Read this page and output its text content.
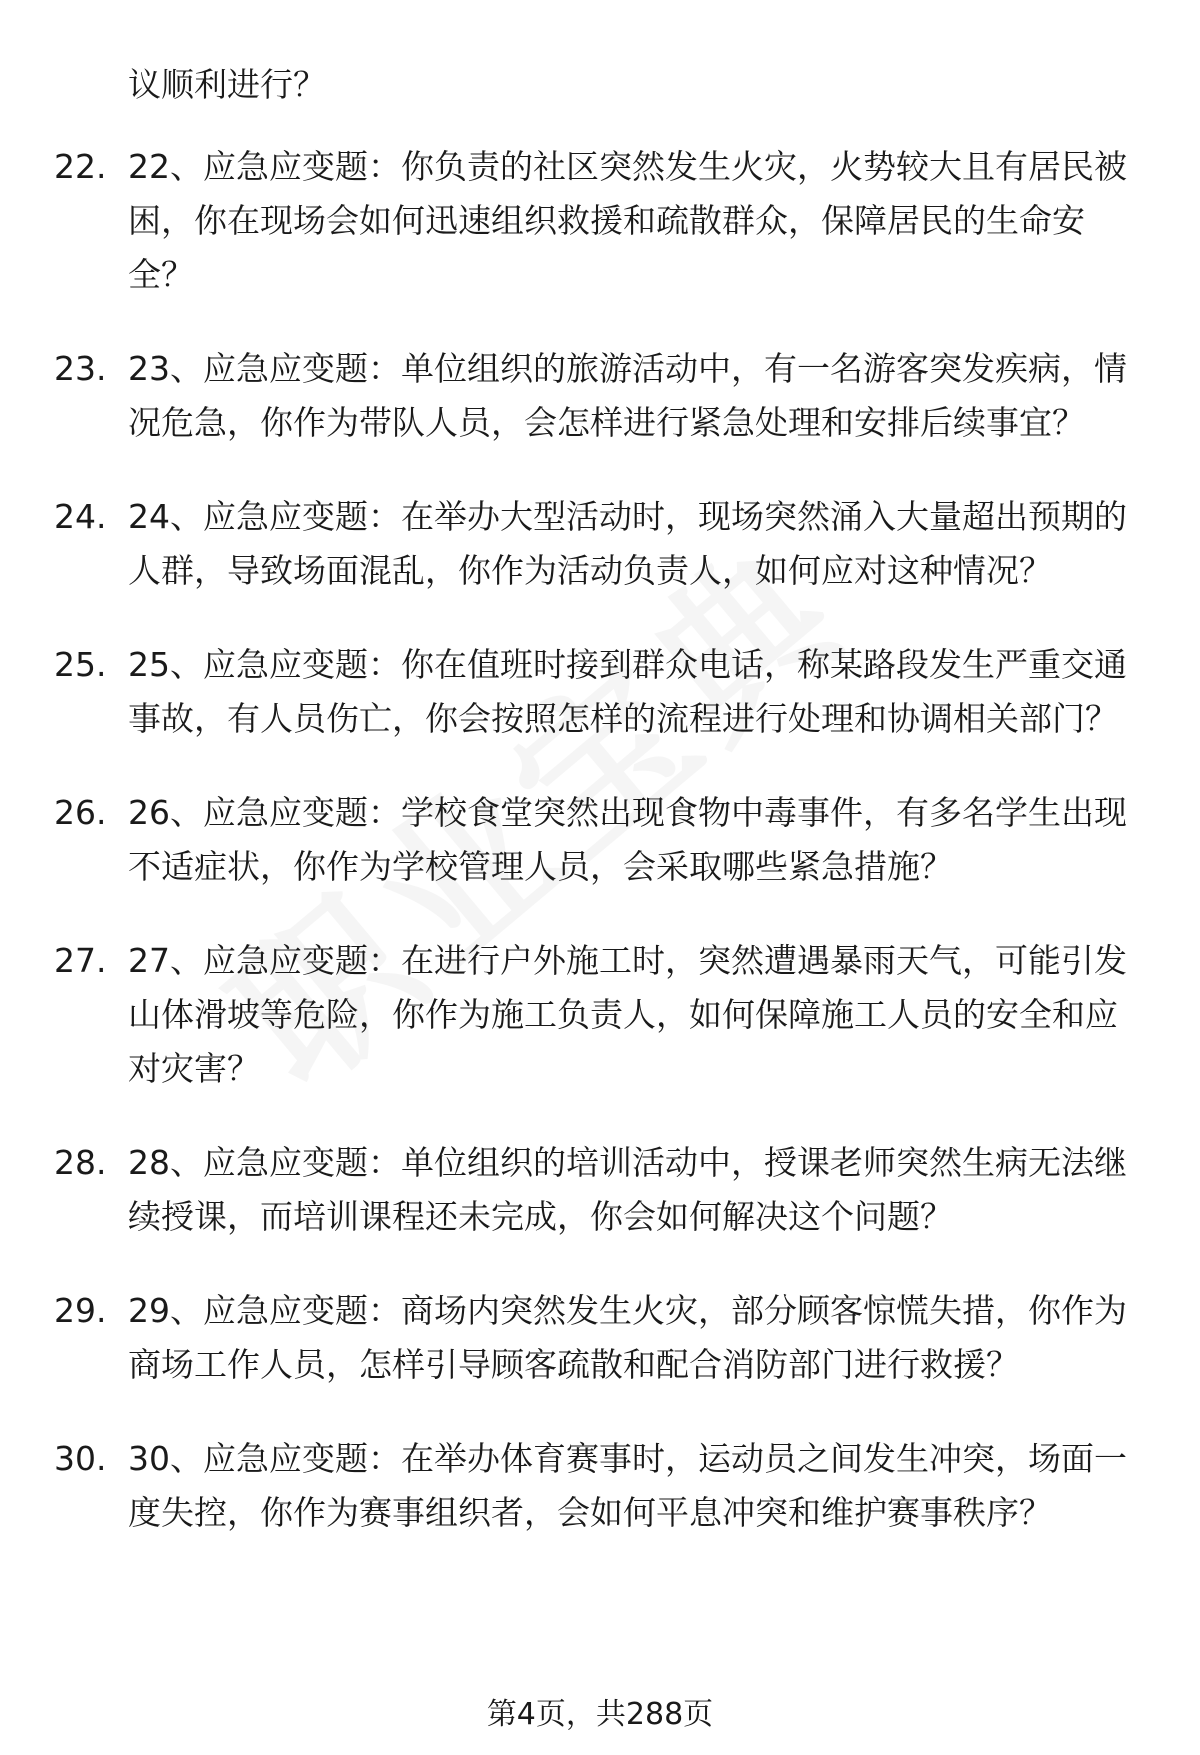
议顺利进行？

22. 22、应急应变题：你负责的社区突然发生火灾，火势较大且有居民被困，你在现场会如何迅速组织救援和疏散群众，保障居民的生命安全？

23. 23、应急应变题：单位组织的旅游活动中，有一名游客突发疾病，情况危急，你作为带队人员，会怎样进行紧急处理和安排后续事宜？

24. 24、应急应变题：在举办大型活动时，现场突然涌入大量超出预期的人群，导致场面混乱，你作为活动负责人，如何应对这种情况？

25. 25、应急应变题：你在值班时接到群众电话，称某路段发生严重交通事故，有人员伤亡，你会按照怎样的流程进行处理和协调相关部门？

26. 26、应急应变题：学校食堂突然出现食物中毒事件，有多名学生出现不适症状，你作为学校管理人员，会采取哪些紧急措施？

27. 27、应急应变题：在进行户外施工时，突然遭遇暴雨天气，可能引发山体滑坡等危险，你作为施工负责人，如何保障施工人员的安全和应对灾害？

28. 28、应急应变题：单位组织的培训活动中，授课老师突然生病无法继续授课，而培训课程还未完成，你会如何解决这个问题？

29. 29、应急应变题：商场内突然发生火灾，部分顾客惊慌失措，你作为商场工作人员，怎样引导顾客疏散和配合消防部门进行救援？

30. 30、应急应变题：在举办体育赛事时，运动员之间发生冲突，场面一度失控，你作为赛事组织者，会如何平息冲突和维护赛事秩序？

第4页，共288页
